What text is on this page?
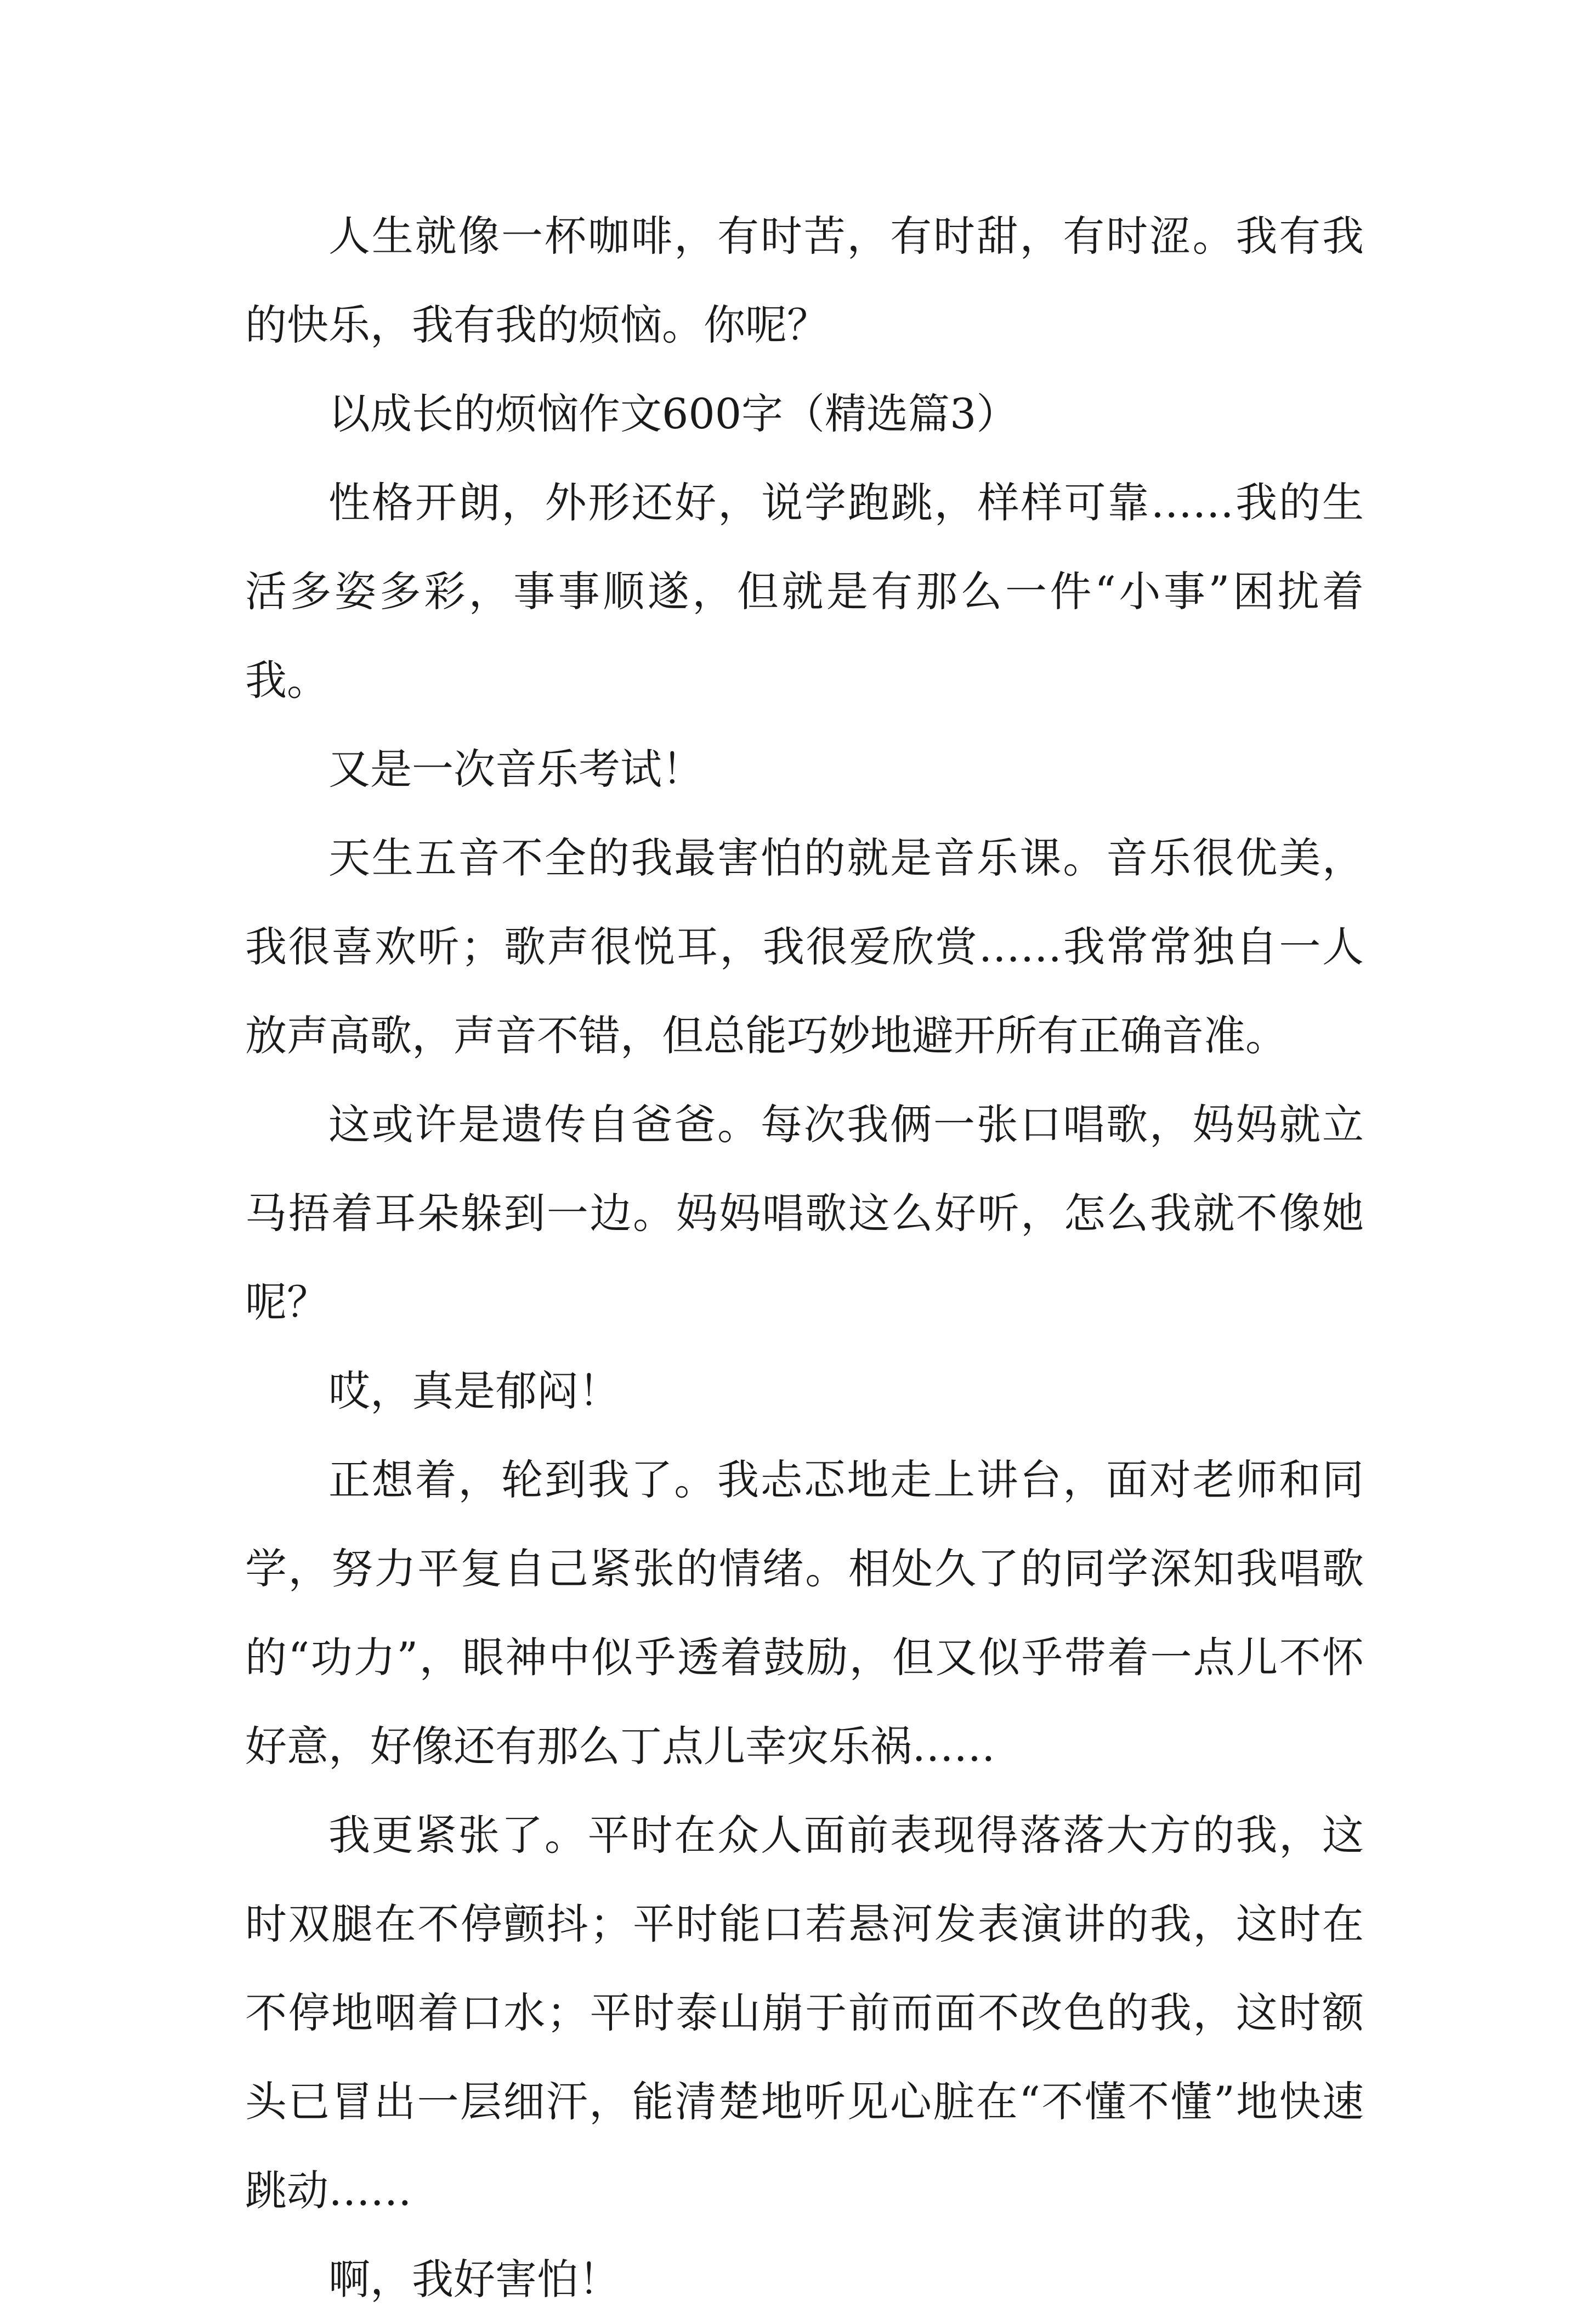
人生就像一杯咖啡，有时苦，有时甜，有时涩。我有我的快乐，我有我的烦恼。你呢？

以成长的烦恼作文600字（精选篇3）

性格开朗，外形还好，说学跑跳，样样可靠……我的生活多姿多彩，事事顺遂，但就是有那么一件“小事”困扰着我。

又是一次音乐考试！

天生五音不全的我最害怕的就是音乐课。音乐很优美，我很喜欢听；歌声很悦耳，我很爱欣赏……我常常独自一人放声高歌，声音不错，但总能巧妙地避开所有正确音准。

这或许是遗传自爸爸。每次我俩一张口唱歌，妈妈就立马捂着耳朵躲到一边。妈妈唱歌这么好听，怎么我就不像她呢？

哎，真是郁闷！

正想着，轮到我了。我忐忑地走上讲台，面对老师和同学，努力平复自己紧张的情绪。相处久了的同学深知我唱歌的“功力”，眼神中似乎透着鼓励，但又似乎带着一点儿不怀好意，好像还有那么丁点儿幸灾乐祸……

我更紧张了。平时在众人面前表现得落落大方的我，这时双腿在不停颤抖；平时能口若悬河发表演讲的我，这时在不停地咽着口水；平时泰山崩于前而面不改色的我，这时额头已冒出一层细汗，能清楚地听见心脏在“不懂不懂”地快速跳动……

啊，我好害怕！
